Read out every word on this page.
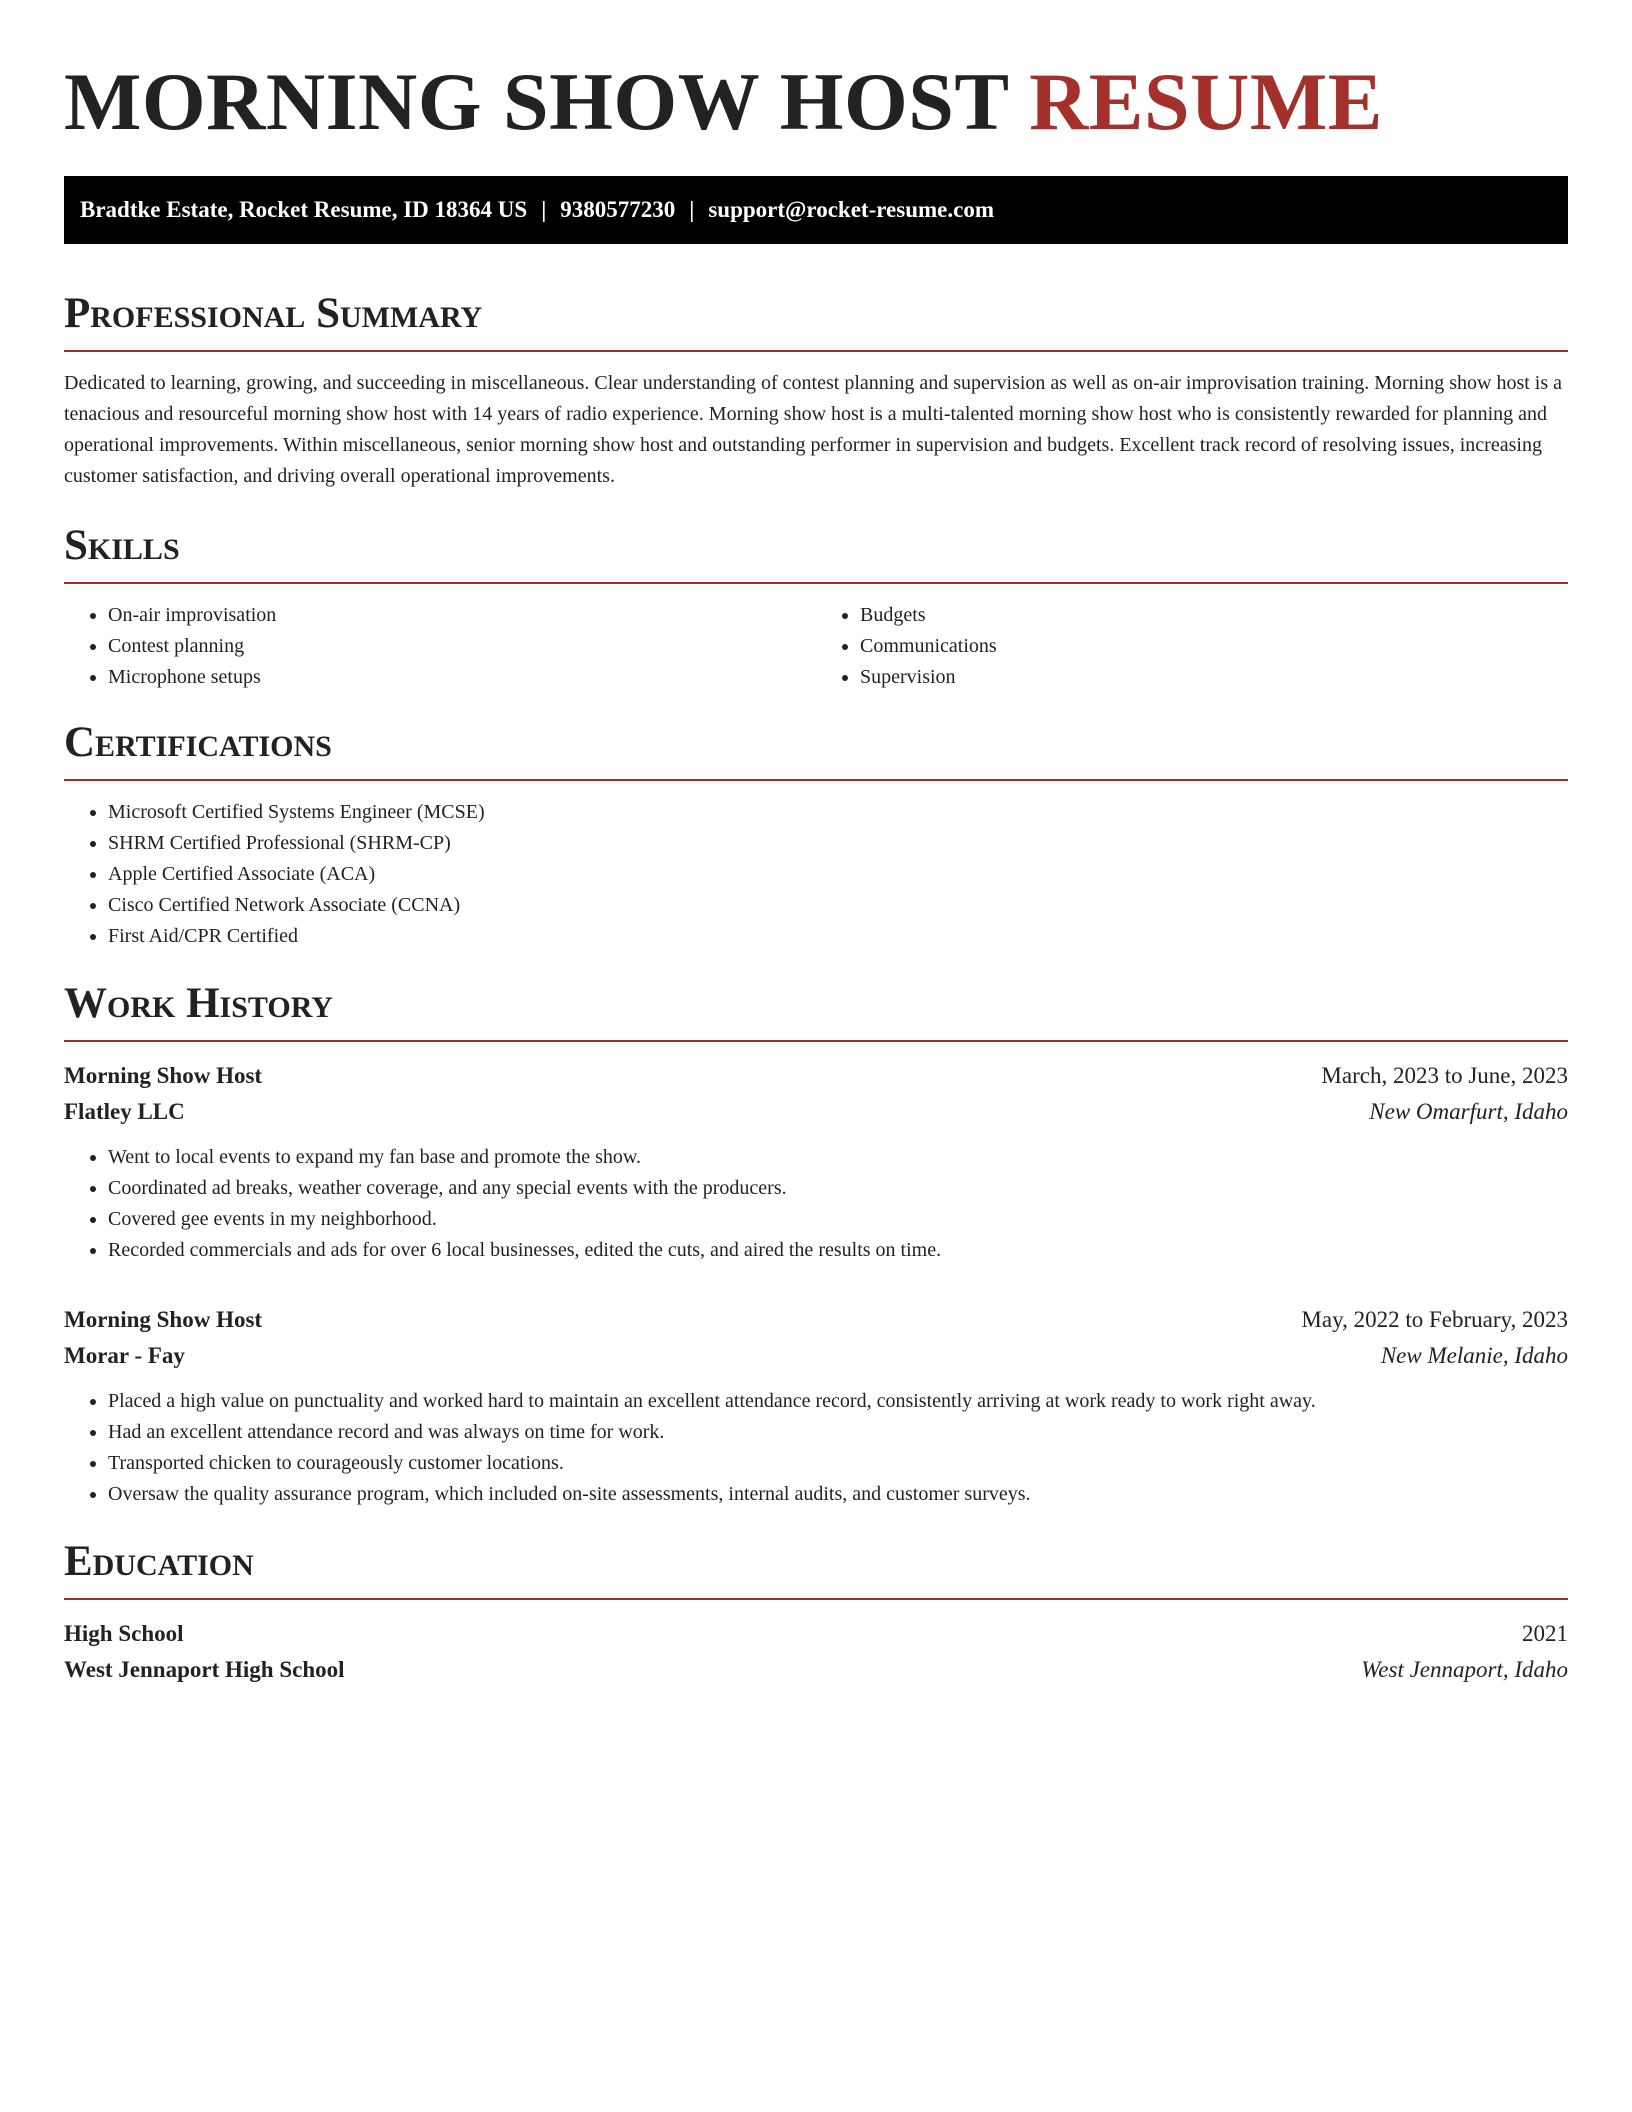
MORNING SHOW HOST RESUME
Bradtke Estate, Rocket Resume, ID 18364 US | 9380577230 | support@rocket-resume.com
Professional Summary

Dedicated to learning, growing, and succeeding in miscellaneous. Clear understanding of contest planning and supervision as well as on-air improvisation training. Morning show host is a tenacious and resourceful morning show host with 14 years of radio experience. Morning show host is a multi-talented morning show host who is consistently rewarded for planning and operational improvements. Within miscellaneous, senior morning show host and outstanding performer in supervision and budgets. Excellent track record of resolving issues, increasing customer satisfaction, and driving overall operational improvements.

Skills
• On-air improvisation
• Contest planning
• Microphone setups
• Budgets
• Communications
• Supervision
Certifications
• Microsoft Certified Systems Engineer (MCSE)
• SHRM Certified Professional (SHRM-CP)
• Apple Certified Associate (ACA)
• Cisco Certified Network Associate (CCNA)
• First Aid/CPR Certified
Work History
Morning Show Host	March, 2023 to June, 2023
Flatley LLC	New Omarfurt, Idaho
• Went to local events to expand my fan base and promote the show.
• Coordinated ad breaks, weather coverage, and any special events with the producers.
• Covered gee events in my neighborhood.
• Recorded commercials and ads for over 6 local businesses, edited the cuts, and aired the results on time.
Morning Show Host	May, 2022 to February, 2023
Morar - Fay	New Melanie, Idaho
• Placed a high value on punctuality and worked hard to maintain an excellent attendance record, consistently arriving at work ready to work right away.
• Had an excellent attendance record and was always on time for work.
• Transported chicken to courageously customer locations.
• Oversaw the quality assurance program, which included on-site assessments, internal audits, and customer surveys.
Education
High School	2021
West Jennaport High School	West Jennaport, Idaho
